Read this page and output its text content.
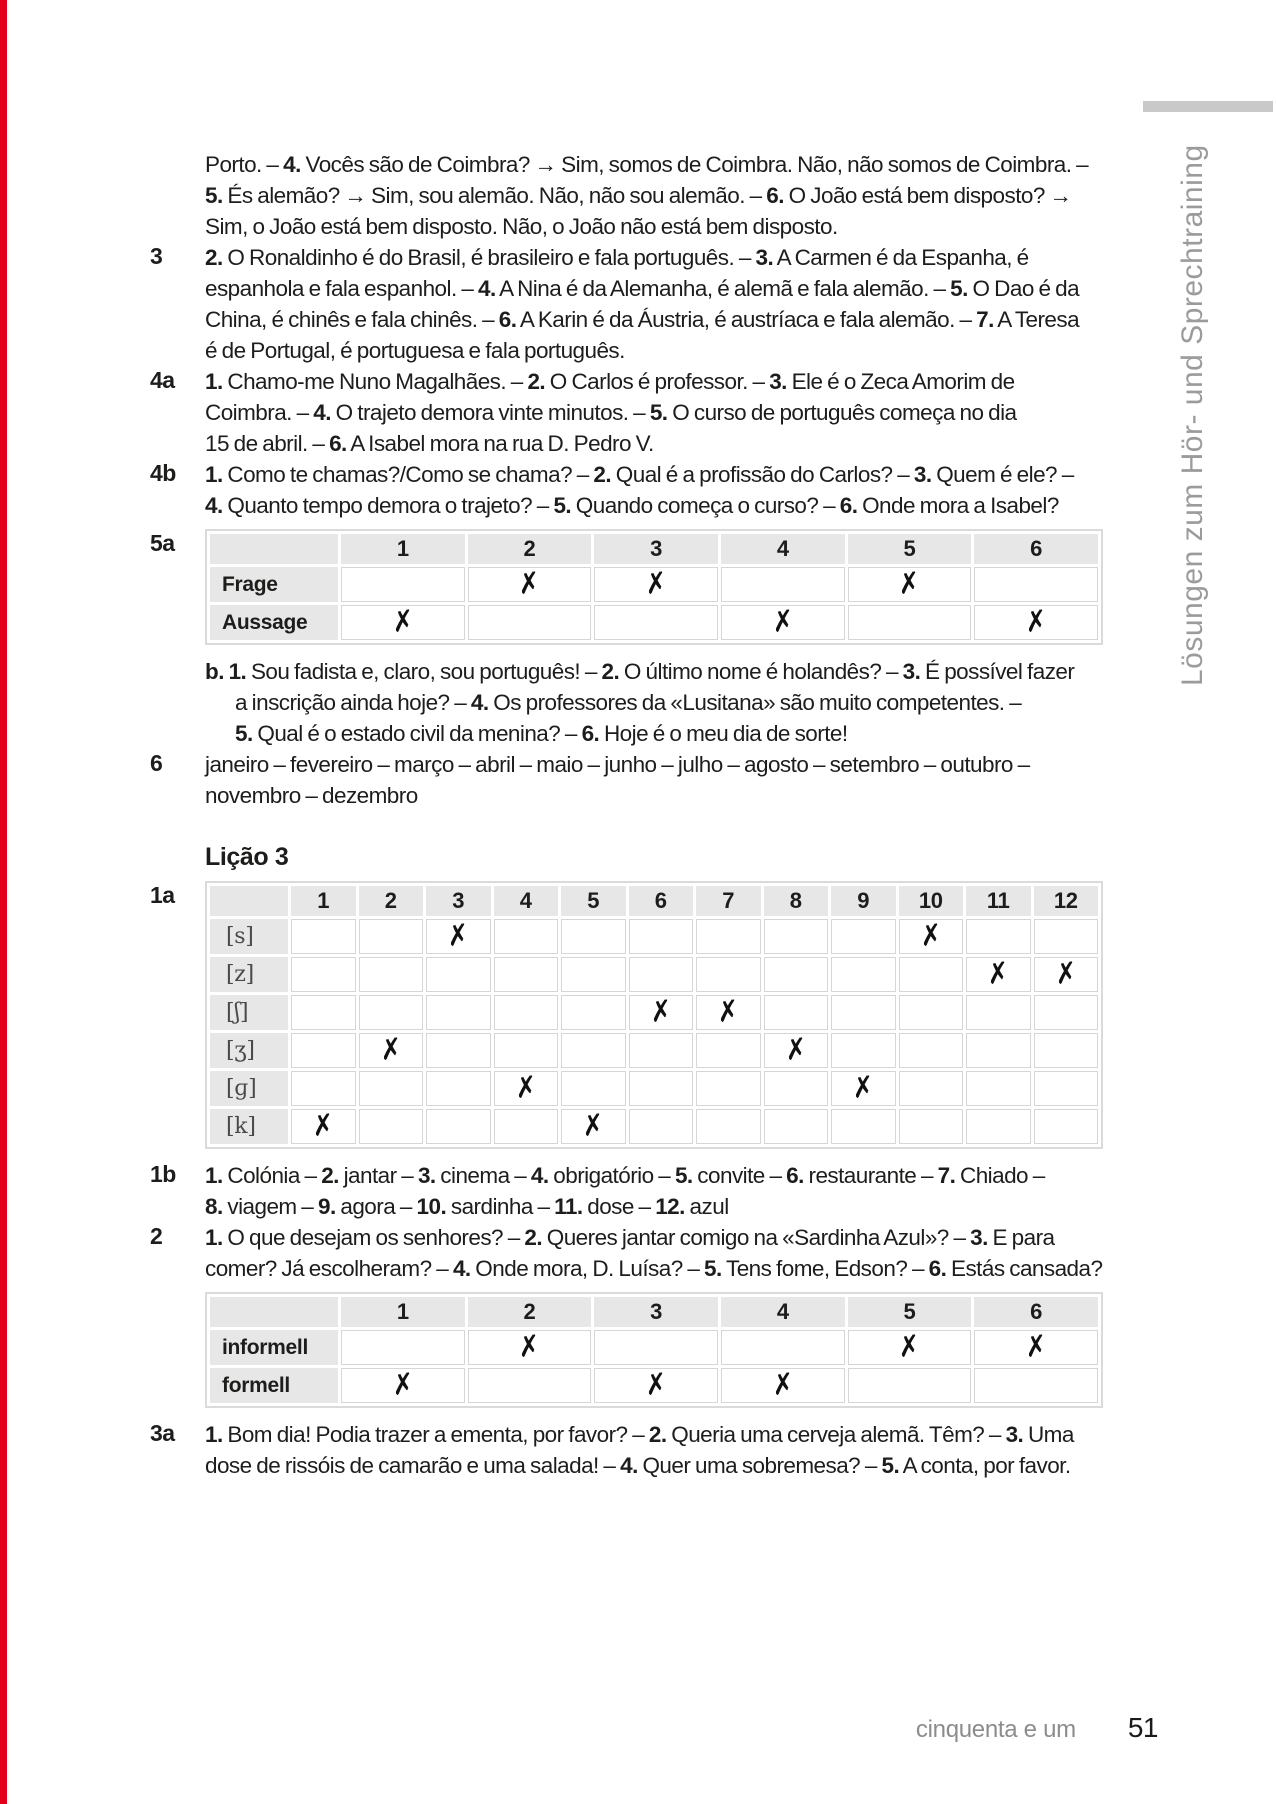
Lösungen zum Hör- und Sprechtraining
Porto. – 4. Vocês são de Coimbra? → Sim, somos de Coimbra. Não, não somos de Coimbra. –
5. És alemão? → Sim, sou alemão. Não, não sou alemão. – 6. O João está bem disposto? →
Sim, o João está bem disposto. Não, o João não está bem disposto.
3 2. O Ronaldinho é do Brasil, é brasileiro e fala português. – 3. A Carmen é da Espanha, é
espanhola e fala espanhol. – 4. A Nina é da Alemanha, é alemã e fala alemão. – 5. O Dao é da
China, é chinês e fala chinês. – 6. A Karin é da Áustria, é austríaca e fala alemão. – 7. A Teresa
é de Portugal, é portuguesa e fala português.
4a 1. Chamo-me Nuno Magalhães. – 2. O Carlos é professor. – 3. Ele é o Zeca Amorim de
Coimbra. – 4. O trajeto demora vinte minutos. – 5. O curso de português começa no dia
15 de abril. – 6. A Isabel mora na rua D. Pedro V.
4b 1. Como te chamas?/Como se chama? – 2. Qual é a profissão do Carlos? – 3. Quem é ele? –
4. Quanto tempo demora o trajeto? – 5. Quando começa o curso? – 6. Onde mora a Isabel?
5a
		1	2	3	4	5	6
Frage		✗	✗		✗	
Aussage	✗			✗		✗
b. 1. Sou fadista e, claro, sou português! – 2. O último nome é holandês? – 3. É possível fazer
a inscrição ainda hoje? – 4. Os professores da «Lusitana» são muito competentes. –
5. Qual é o estado civil da menina? – 6. Hoje é o meu dia de sorte!
6 janeiro – fevereiro – março – abril – maio – junho – julho – agosto – setembro – outubro –
novembro – dezembro
Lição 3
1a
		1	2	3	4	5	6	7	8	9	10	11	12
[s]			✗							✗		
[z]											✗	✗
[ʃ]						✗	✗					
[ʒ]		✗						✗				
[ɡ]				✗					✗			
[k]	✗				✗							
1b 1. Colónia – 2. jantar – 3. cinema – 4. obrigatório – 5. convite – 6. restaurante – 7. Chiado –
8. viagem – 9. agora – 10. sardinha – 11. dose – 12. azul
2 1. O que desejam os senhores? – 2. Queres jantar comigo na «Sardinha Azul»? – 3. E para
comer? Já escolheram? – 4. Onde mora, D. Luísa? – 5. Tens fome, Edson? – 6. Estás cansada?
	1	2	3	4	5	6
informell		✗			✗	✗
formell	✗		✗	✗		
3a 1. Bom dia! Podia trazer a ementa, por favor? – 2. Queria uma cerveja alemã. Têm? – 3. Uma
dose de rissóis de camarão e uma salada! – 4. Quer uma sobremesa? – 5. A conta, por favor.
cinquenta e um 51
